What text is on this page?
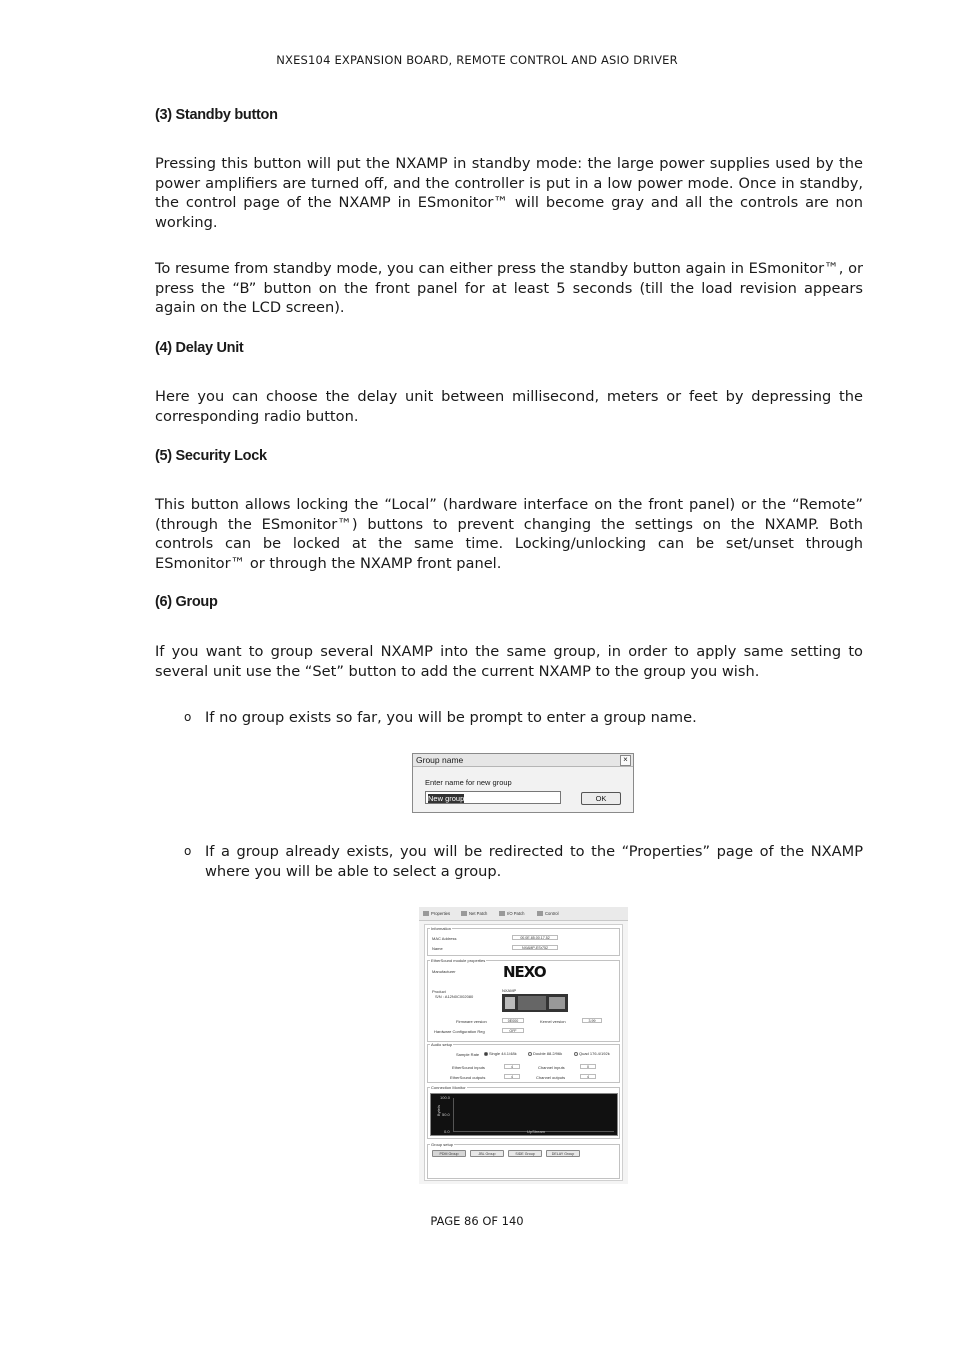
NXES104 EXPANSION BOARD, REMOTE CONTROL AND ASIO DRIVER
(3) Standby button
Pressing this button will put the NXAMP in standby mode: the large power supplies used by the power amplifiers are turned off, and the controller is put in a low power mode. Once in standby, the control page of the NXAMP in ESmonitor™ will become gray and all the controls are non working.
To resume from standby mode, you can either press the standby button again in ESmonitor™, or press the “B” button on the front panel for at least 5 seconds (till the load revision appears again on the LCD screen).
(4) Delay Unit
Here you can choose the delay unit between millisecond, meters or feet by depressing the corresponding radio button.
(5) Security Lock
This button allows locking the “Local” (hardware interface on the front panel) or the “Remote” (through the ESmonitor™) buttons to prevent changing the settings on the NXAMP. Both controls can be locked at the same time. Locking/unlocking can be set/unset through ESmonitor™ or through the NXAMP front panel.
(6) Group
If you want to group several NXAMP into the same group, in order to apply same setting to several unit use the “Set” button to add the current NXAMP to the group you wish.
o If no group exists so far, you will be prompt to enter a group name.
Group name	×
Enter name for new group
New group	OK
o If a group already exists, you will be redirected to the “Properties” page of the NXAMP where you will be able to select a group.
Properties	Net Patch	I/O Patch	Control
Information
MAC Address	00.0E.85.00.17.52
Name	NXAMP-ESr752
EtherSound module properties
Manufacturer	NEXO
Product	NXAMP
S/N : A12N0C002080
Firmware version	0E000	Kernel version	3.99
Hardware Configuration Reg	OFF
Audio setup
Sample Rate	Single 44.1/48k	Double 88.2/96k	Quad 176.4/192k
EtherSound inputs	4	Channel inputs	0
EtherSound outputs	4	Channel outputs	4
Connection Monitor
100.0
50.0
0.0
Byte/s
UpStream
Group setup
PDM Group	JBL Group	SIDE Group	DELAY Group
PAGE 86 OF 140
